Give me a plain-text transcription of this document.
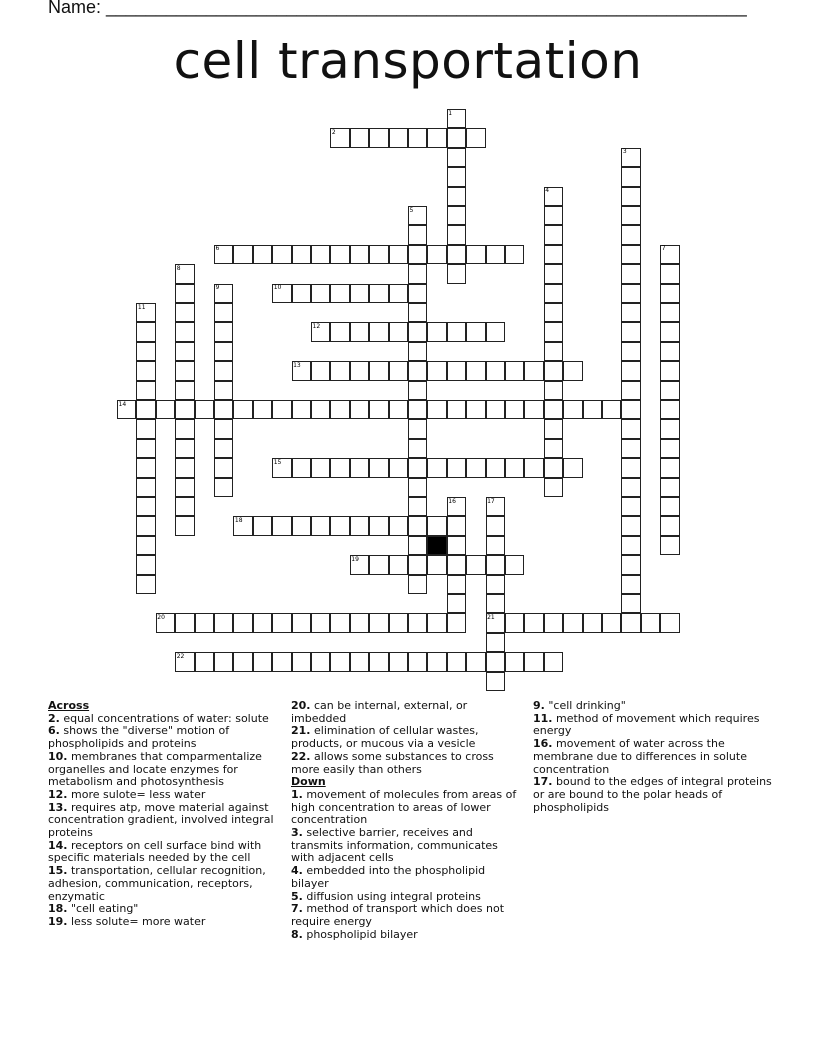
Name: ________________________________________________________________
cell transportation
1
2
3
4
5
6	7
8
9	10
11
12
13
14
15
16	17
18
19
20	21
22
Across
2. equal concentrations of water: solute
6. shows the "diverse" motion of phospholipids and proteins
10. membranes that comparmentalize organelles and locate enzymes for metabolism and photosynthesis
12. more sulote= less water
13. requires atp, move material against concentration gradient, involved integral proteins
14. receptors on cell surface bind with specific materials needed by the cell
15. transportation, cellular recognition, adhesion, communication, receptors, enzymatic
18. "cell eating"
19. less solute= more water
20. can be internal, external, or imbedded
21. elimination of cellular wastes, products, or mucous via a vesicle
22. allows some substances to cross more easily than others
Down
1. movement of molecules from areas of high concentration to areas of lower concentration
3. selective barrier, receives and transmits information, communicates with adjacent cells
4. embedded into the phospholipid bilayer
5. diffusion using integral proteins
7. method of transport which does not require energy
8. phospholipid bilayer
9. "cell drinking"
11. method of movement which requires energy
16. movement of water across the membrane due to differences in solute concentration
17. bound to the edges of integral proteins or are bound to the polar heads of phospholipids
